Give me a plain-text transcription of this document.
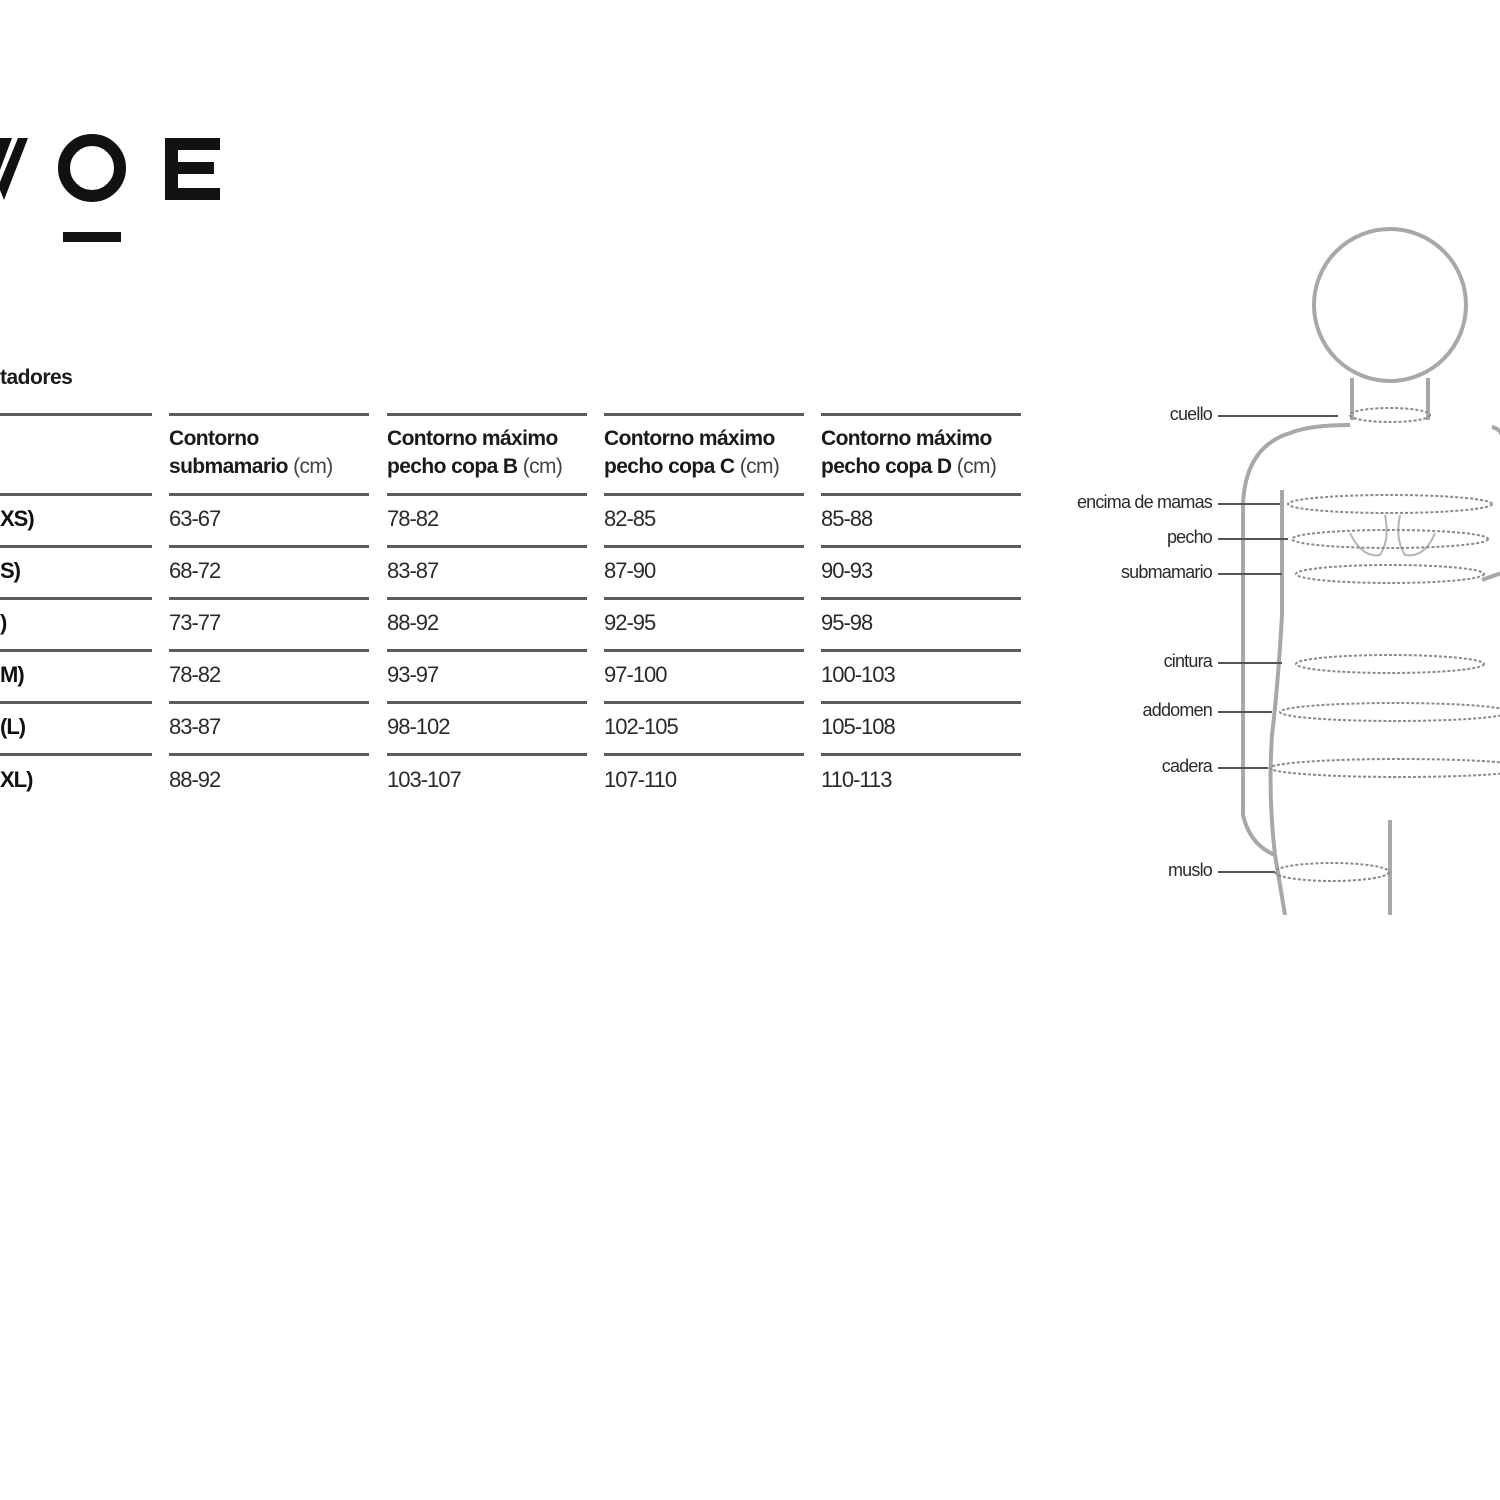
tadores
XS)
S)
)
M)
(L)
XL)
Contorno
submamario (cm)
63-67
68-72
73-77
78-82
83-87
88-92
Contorno máximo
pecho copa B (cm)
78-82
83-87
88-92
93-97
98-102
103-107
Contorno máximo
pecho copa C (cm)
82-85
87-90
92-95
97-100
102-105
107-110
Contorno máximo
pecho copa D (cm)
85-88
90-93
95-98
100-103
105-108
110-113
cuello
encima de mamas
pecho
submamario
cintura
addomen
cadera
muslo
